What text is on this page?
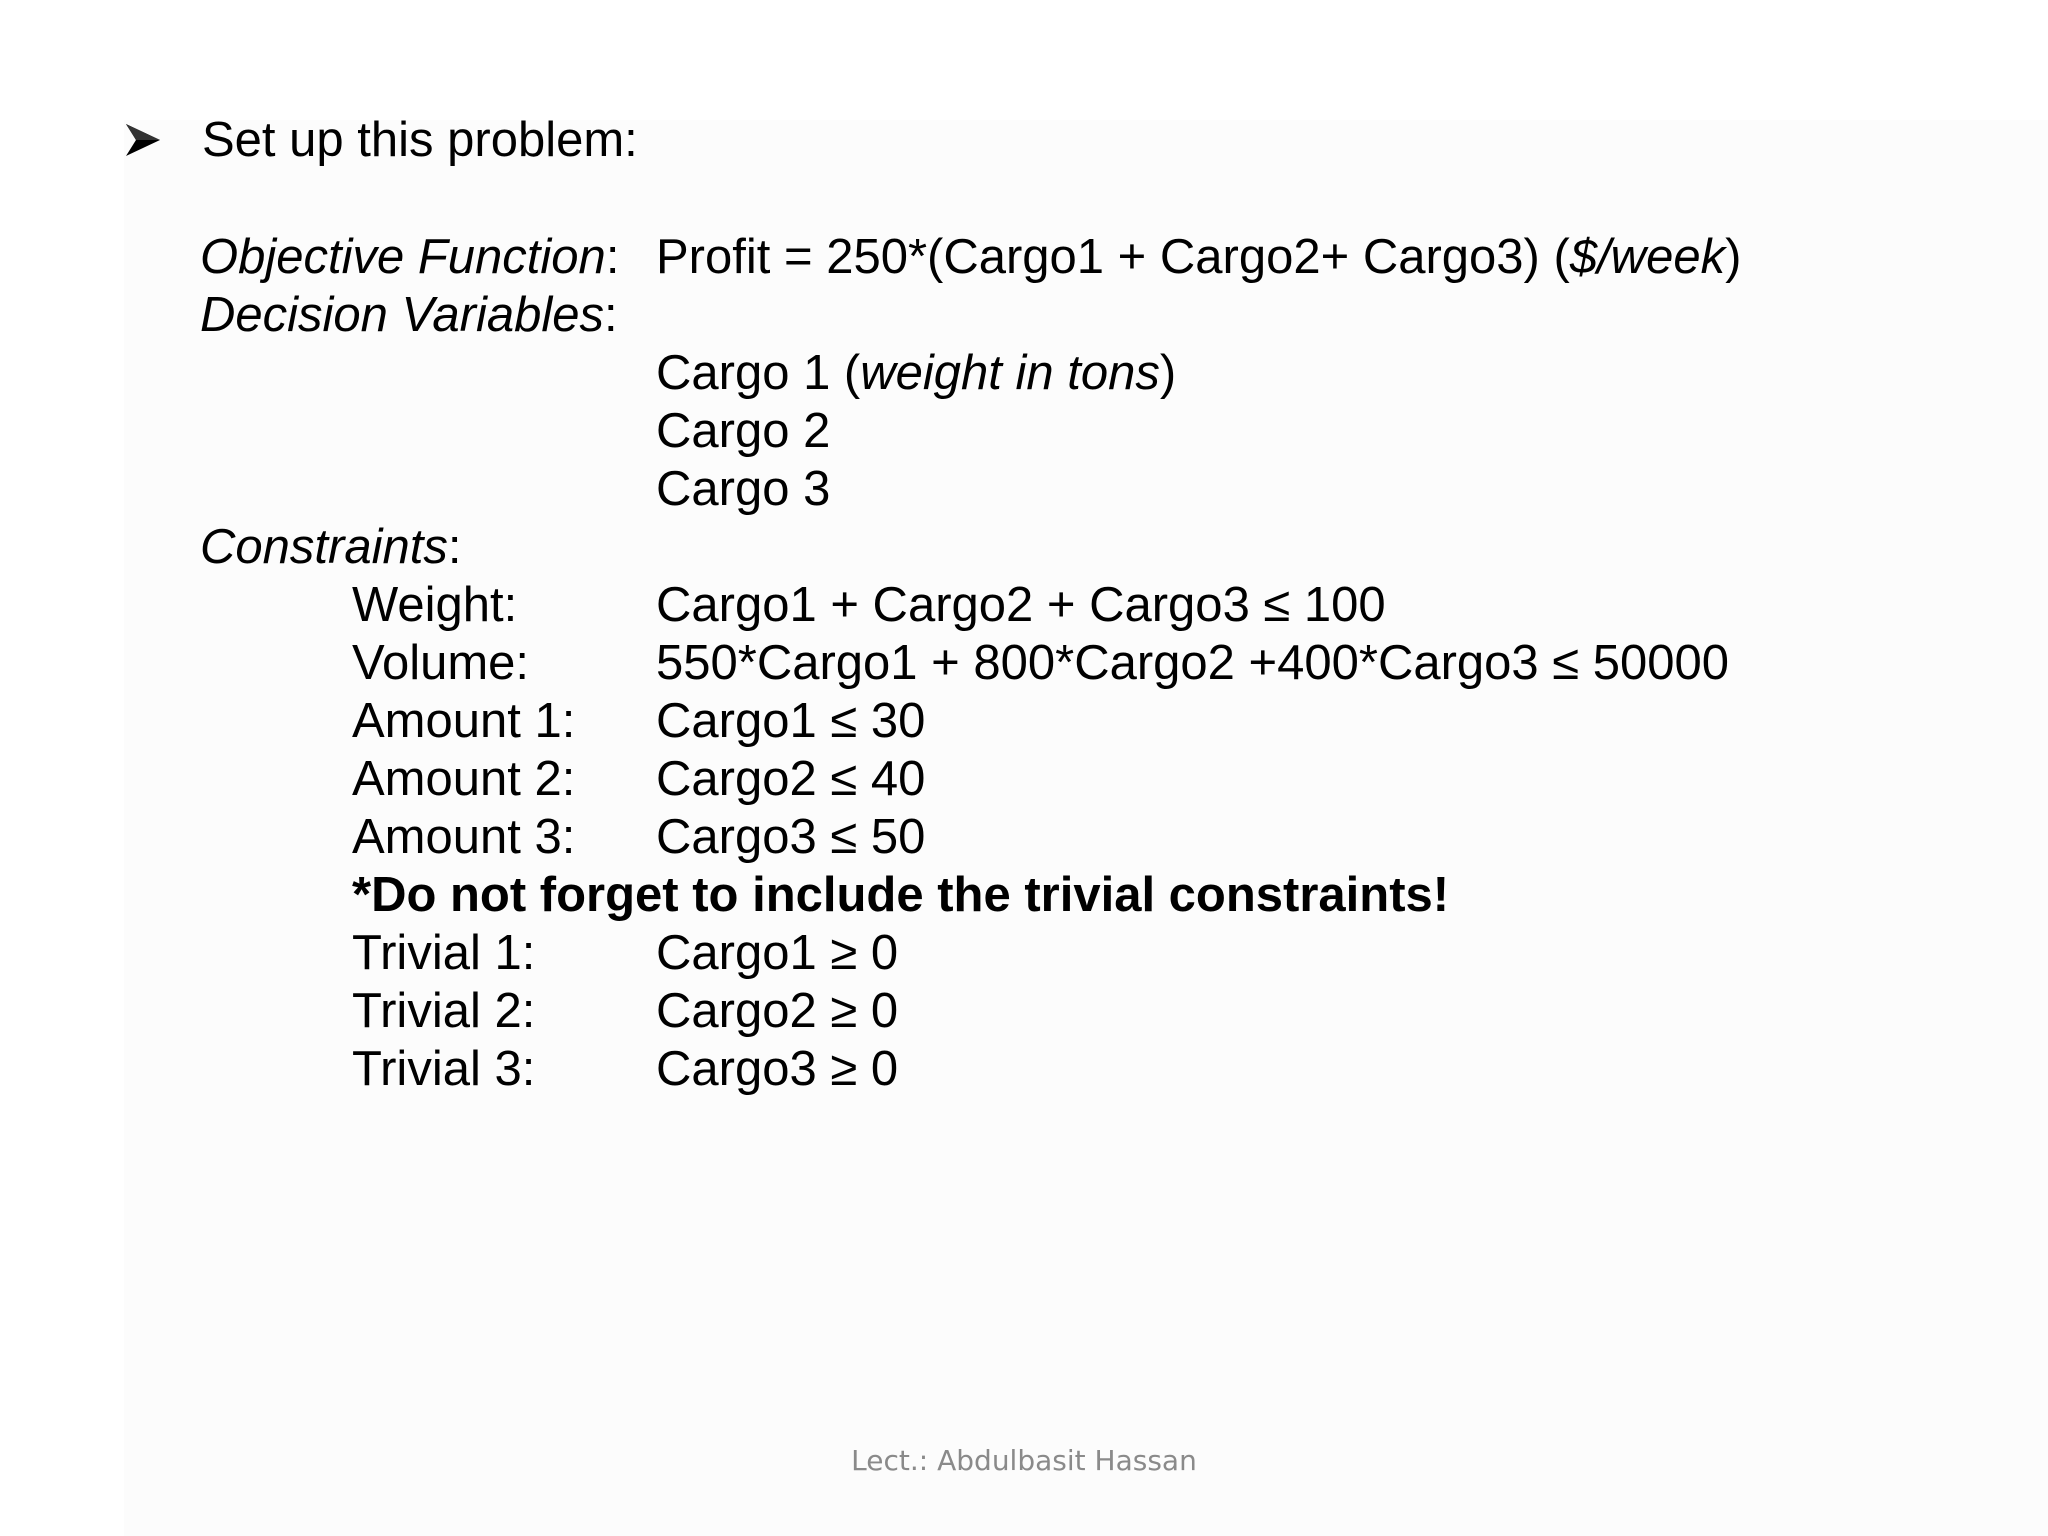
Set up this problem:
Objective Function: Profit = 250*(Cargo1 + Cargo2+ Cargo3) ($/week)
Decision Variables:
Cargo 1 (weight in tons)
Cargo 2
Cargo 3
Constraints:
Weight:	Cargo1 + Cargo2 + Cargo3 ≤ 100
Volume:	550*Cargo1 + 800*Cargo2 +400*Cargo3 ≤ 50000
Amount 1: Cargo1 ≤ 30
Amount 2: Cargo2 ≤ 40
Amount 3: Cargo3 ≤ 50
*Do not forget to include the trivial constraints!
Trivial 1: Cargo1 ≥ 0
Trivial 2: Cargo2 ≥ 0
Trivial 3: Cargo3 ≥ 0
Lect.: Abdulbasit Hassan
